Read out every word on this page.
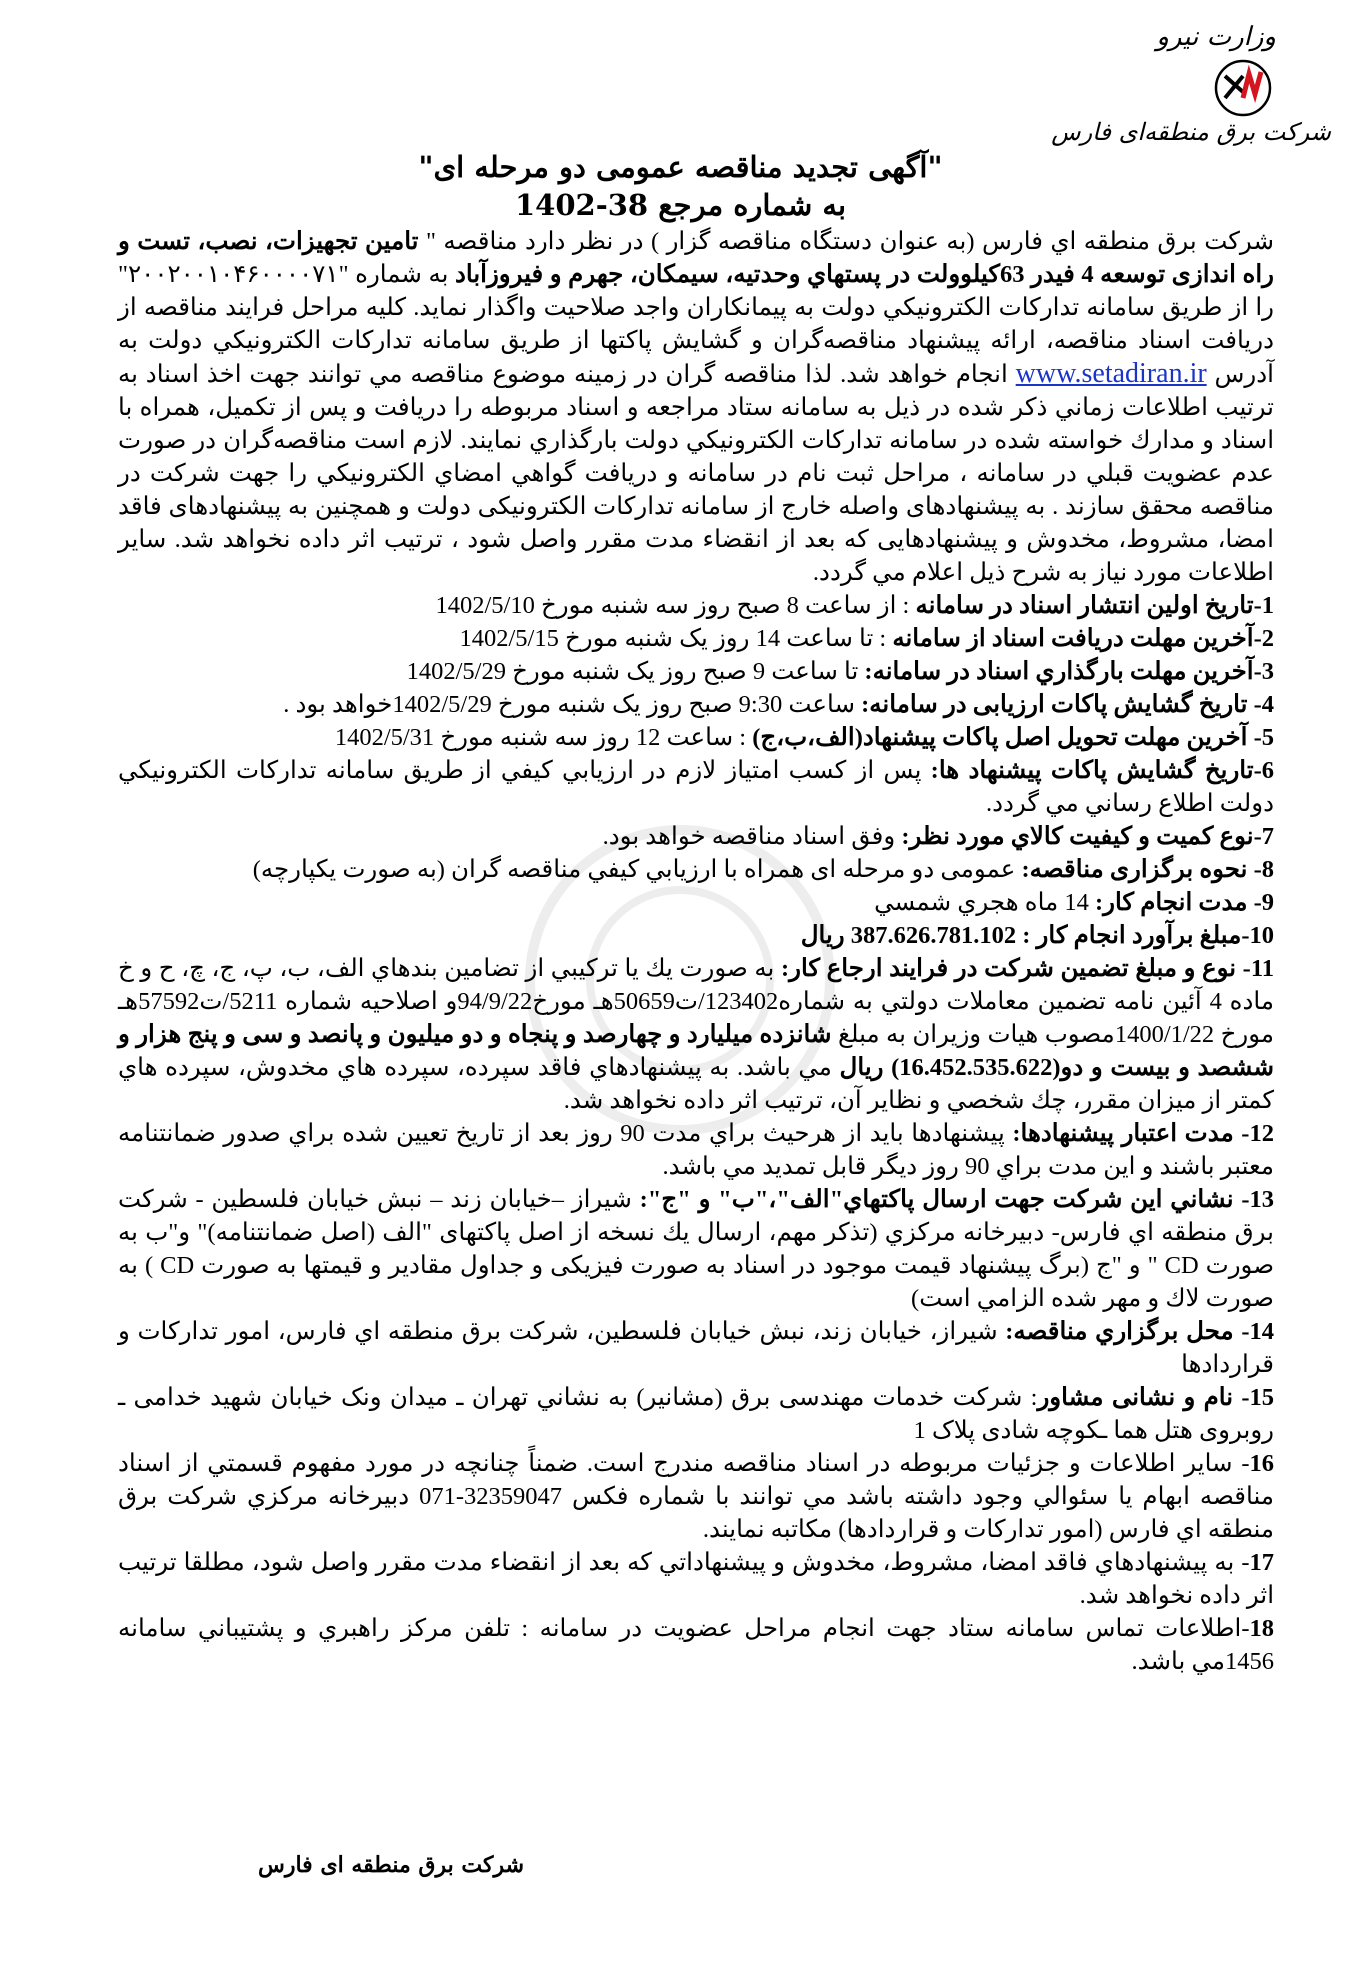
وزارت نیرو
شرکت برق منطقه‌ای فارس
"آگهی تجدید مناقصه عمومی دو مرحله ای"
به شماره مرجع 38-1402

شرکت برق منطقه اي فارس (به عنوان دستگاه مناقصه گزار ) در نظر دارد مناقصه " تامين تجهيزات، نصب، تست و راه اندازی توسعه 4 فيدر 63كيلوولت در پستهاي وحدتيه، سيمكان، جهرم و فيروزآباد به شماره "۲۰۰۲۰۰۱۰۴۶۰۰۰۰۷۱" را از طريق سامانه تدارکات الکترونيکي دولت به پیمانکاران واجد صلاحیت واگذار نماید. كليه مراحل فرايند مناقصه از دريافت اسناد مناقصه، ارائه پيشنهاد مناقصه‌گران و گشايش پاكتها از طريق سامانه تداركات الكترونيكي دولت به آدرس www.setadiran.ir انجام خواهد شد. لذا مناقصه گران در زمینه موضوع مناقصه مي توانند جهت اخذ اسناد به ترتيب اطلاعات زماني ذكر شده در ذيل به سامانه ستاد مراجعه و اسناد مربوطه را دريافت و پس از تكميل، همراه با اسناد و مدارك خواسته شده در سامانه تدارکات الکترونيکي دولت بارگذاري نمايند. لازم است مناقصه‌گران در صورت عدم عضويت قبلي در سامانه ، مراحل ثبت نام در سامانه و دريافت گواهي امضاي الكترونيكي را جهت شركت در مناقصه محقق سازند . به پیشنهادهای واصله خارج از سامانه تدارکات الکترونیکی دولت و همچنین به پیشنهادهای فاقد امضا، مشروط، مخدوش و پیشنهادهایی که بعد از انقضاء مدت مقرر واصل شود ، ترتیب اثر داده نخواهد شد. ساير اطلاعات مورد نياز به شرح ذيل اعلام مي گردد.

1-تاريخ اولین انتشار اسناد در سامانه : از ساعت 8 صبح روز سه شنبه مورخ 1402/5/10

2-آخرين مهلت دريافت اسناد از سامانه : تا ساعت 14 روز یک شنبه مورخ 1402/5/15

3-آخرين مهلت بارگذاري اسناد در سامانه: تا ساعت 9 صبح روز یک شنبه مورخ 1402/5/29

4- تاريخ گشایش پاکات ارزیابی در سامانه: ساعت 9:30 صبح روز یک شنبه مورخ 1402/5/29خواهد بود .

5- آخرين مهلت تحويل اصل پاكات پيشنهاد(الف،ب،ج) : ساعت 12 روز سه شنبه مورخ 1402/5/31

6-تاريخ گشايش پاكات پيشنهاد ها: پس از كسب امتياز لازم در ارزيابي كيفي از طريق سامانه تداركات الكترونيكي دولت اطلاع رساني مي گردد.

7-نوع كميت و كيفيت كالاي مورد نظر: وفق اسناد مناقصه خواهد بود.

8- نحوه برگزاری مناقصه: عمومی دو مرحله ای همراه با ارزيابي كيفي مناقصه گران (به صورت يكپارچه)

9- مدت انجام كار: 14 ماه هجري شمسي

10-مبلغ برآورد انجام كار : 387.626.781.102 ريال

11- نوع و مبلغ تضمين شركت در فرايند ارجاع كار: به صورت يك يا تركيبي از تضامين بندهاي الف، ب، پ، ج، چ، ح و خ ماده 4 آئين نامه تضمين معاملات دولتي به شماره123402/ت50659هـ مورخ94/9/22و اصلاحيه شماره 5211/ت57592هـ مورخ 1400/1/22مصوب هيات وزيران به مبلغ شانزده ميليارد و چهارصد و پنجاه و دو ميليون و پانصد و سی و پنج هزار و ششصد و بيست و دو(16.452.535.622) ريال مي باشد. به پيشنهادهاي فاقد سپرده، سپرده هاي مخدوش، سپرده هاي كمتر از ميزان مقرر، چك شخصي و نظاير آن، ترتيب اثر داده نخواهد شد.

12- مدت اعتبار پيشنهادها: پيشنهادها بايد از هرحيث براي مدت 90 روز بعد از تاريخ تعيين شده براي صدور ضمانتنامه معتبر باشند و اين مدت براي 90 روز ديگر قابل تمديد مي باشد.

13- نشاني اين شركت جهت ارسال پاكتهاي"الف"،"ب" و "ج": شيراز –خيابان زند – نبش خيابان فلسطين - شركت برق منطقه اي فارس- دبيرخانه مركزي (تذكر مهم، ارسال يك نسخه از اصل پاكتهای "الف (اصل ضمانتنامه)" و"ب به صورت CD " و "ج (برگ پيشنهاد قيمت موجود در اسناد به صورت فيزيكی و جداول مقادير و قيمتها به صورت CD ) به صورت لاك و مهر شده الزامي است)

14- محل برگزاري مناقصه: شيراز، خيابان زند، نبش خيابان فلسطين، شركت برق منطقه اي فارس، امور تداركات و قراردادها

15- نام و نشانی مشاور: شرکت خدمات مهندسی برق (مشانیر) به نشاني تهران ـ میدان ونک خیابان شهید خدامی ـ روبروی هتل هما ـکوچه شادی پلاک 1

16- ساير اطلاعات و جزئيات مربوطه در اسناد مناقصه مندرج است. ضمناً چنانچه در مورد مفهوم قسمتي از اسناد مناقصه ابهام يا سئوالي وجود داشته باشد مي توانند با شماره فكس 32359047-071 دبيرخانه مركزي شركت برق منطقه اي فارس (امور تداركات و قراردادها) مكاتبه نمايند.

17- به پيشنهادهاي فاقد امضا، مشروط، مخدوش و پيشنهاداتي كه بعد از انقضاء مدت مقرر واصل شود، مطلقا ترتيب اثر داده نخواهد شد.

18-اطلاعات تماس سامانه ستاد جهت انجام مراحل عضويت در سامانه : تلفن مركز راهبري و پشتيباني سامانه 1456مي باشد.

شرکت برق منطقه ای فارس
